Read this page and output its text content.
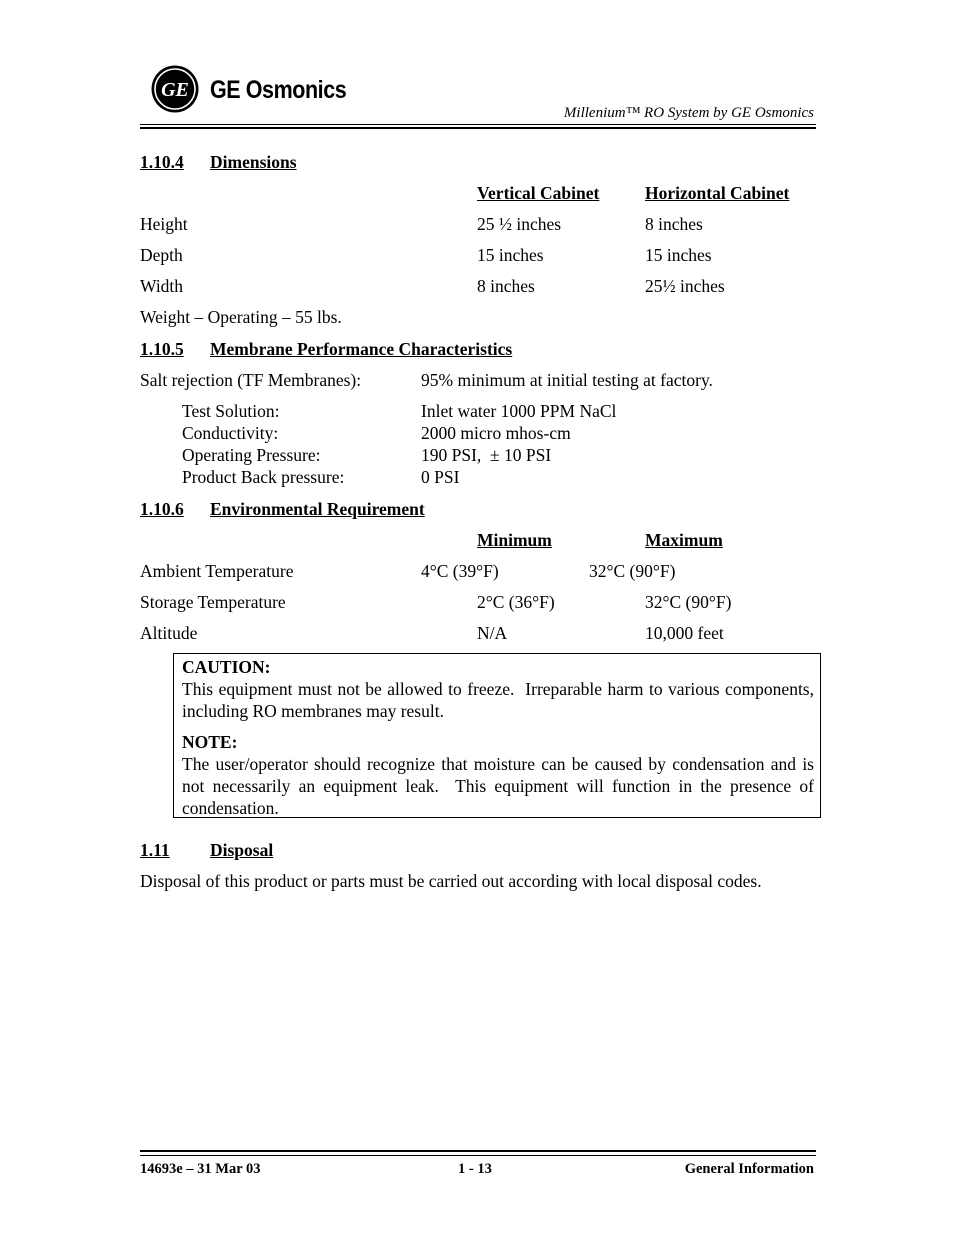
GE GE Osmonics
Millenium™ RO System by GE Osmonics
1.10.4 Dimensions
Vertical Cabinet	Horizontal Cabinet
Height	25 ½ inches	8 inches
Depth	15 inches	15 inches
Width	8 inches	25½ inches
Weight – Operating – 55 lbs.
1.10.5 Membrane Performance Characteristics
Salt rejection (TF Membranes):	95% minimum at initial testing at factory.
Test Solution:	Inlet water 1000 PPM NaCl
Conductivity:	2000 micro mhos-cm
Operating Pressure:	190 PSI,  ± 10 PSI
Product Back pressure:	0 PSI
1.10.6 Environmental Requirement
Minimum	Maximum
Ambient Temperature	4°C (39°F)	32°C (90°F)
Storage Temperature	2°C (36°F)	32°C (90°F)
Altitude	N/A	10,000 feet
CAUTION:
This equipment must not be allowed to freeze.  Irreparable harm to various components, including RO membranes may result.
NOTE:
The user/operator should recognize that moisture can be caused by condensation and is not necessarily an equipment leak.  This equipment will function in the presence of condensation.
1.11 Disposal
Disposal of this product or parts must be carried out according with local disposal codes.
14693e – 31 Mar 03	1 - 13	General Information
